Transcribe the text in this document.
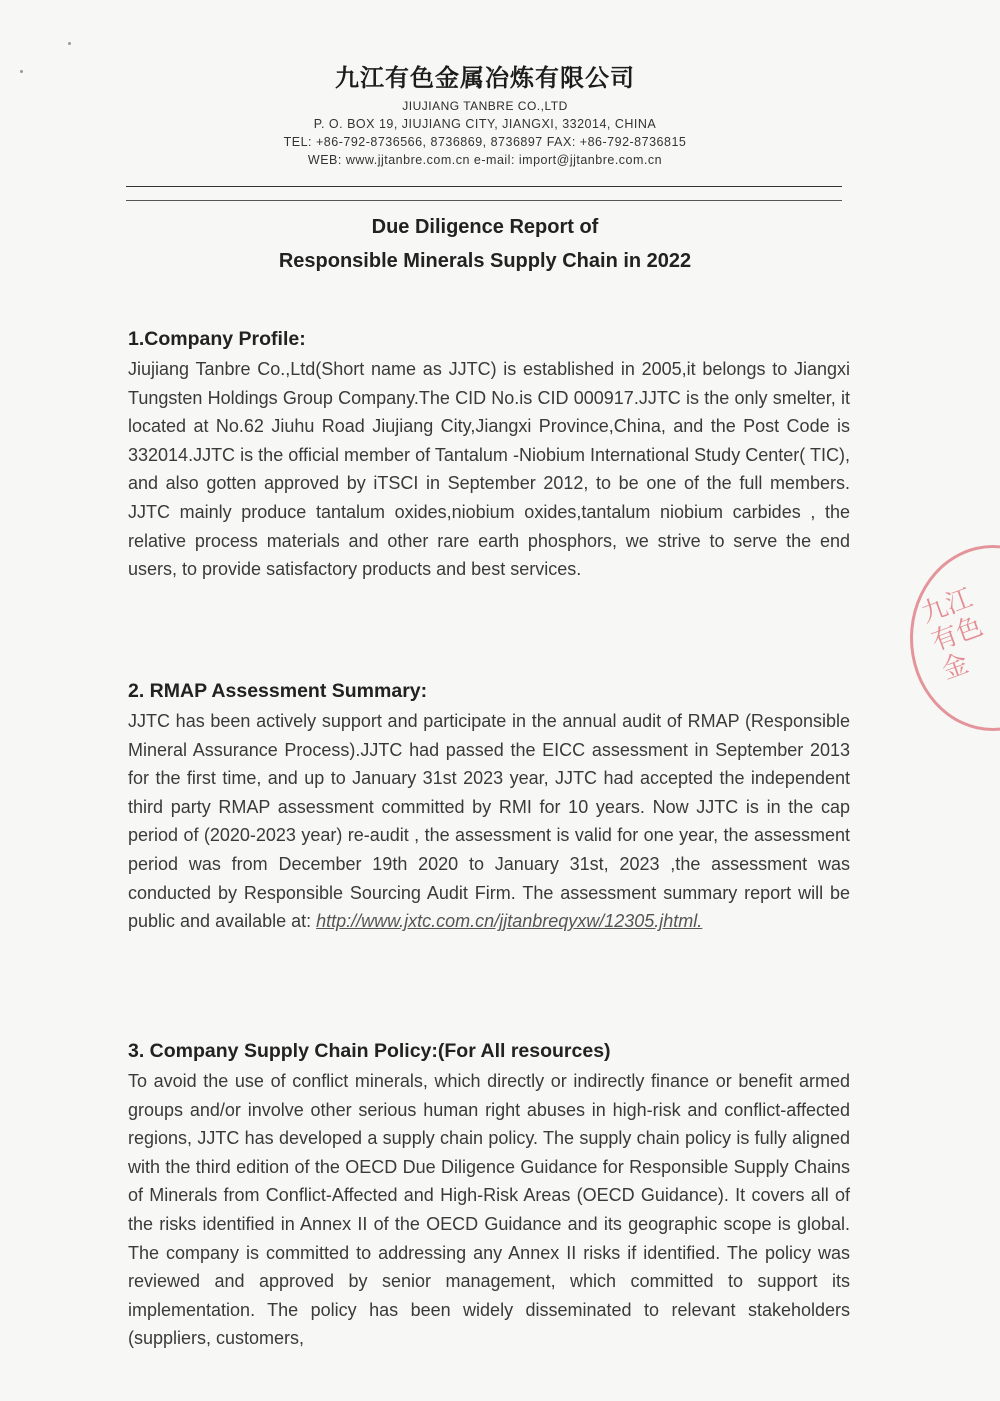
九江有色金属冶炼有限公司
JIUJIANG TANBRE CO.,LTD
P. O. BOX 19, JIUJIANG CITY, JIANGXI, 332014, CHINA
TEL: +86-792-8736566, 8736869, 8736897 FAX: +86-792-8736815
WEB: www.jjtanbre.com.cn e-mail: import@jjtanbre.com.cn
Due Diligence Report of
Responsible Minerals Supply Chain in 2022
1.Company Profile:

Jiujiang Tanbre Co.,Ltd(Short name as JJTC) is established in 2005,it belongs to Jiangxi Tungsten Holdings Group Company.The CID No.is CID 000917.JJTC is the only smelter, it located at No.62 Jiuhu Road Jiujiang City,Jiangxi Province,China, and the Post Code is 332014.JJTC is the official member of Tantalum -Niobium International Study Center( TIC), and also gotten approved by iTSCI in September 2012, to be one of the full members. JJTC mainly produce tantalum oxides,niobium oxides,tantalum niobium carbides , the relative process materials and other rare earth phosphors, we strive to serve the end users, to provide satisfactory products and best services.

2. RMAP Assessment Summary:

JJTC has been actively support and participate in the annual audit of RMAP (Responsible Mineral Assurance Process).JJTC had passed the EICC assessment in September 2013 for the first time, and up to January 31st 2023 year, JJTC had accepted the independent third party RMAP assessment committed by RMI for 10 years. Now JJTC is in the cap period of (2020-2023 year) re-audit , the assessment is valid for one year, the assessment period was from December 19th 2020 to January 31st, 2023 ,the assessment was conducted by Responsible Sourcing Audit Firm. The assessment summary report will be public and available at: http://www.jxtc.com.cn/jjtanbreqyxw/12305.jhtml.

3. Company Supply Chain Policy:(For All resources)

To avoid the use of conflict minerals, which directly or indirectly finance or benefit armed groups and/or involve other serious human right abuses in high-risk and conflict-affected regions, JJTC has developed a supply chain policy. The supply chain policy is fully aligned with the third edition of the OECD Due Diligence Guidance for Responsible Supply Chains of Minerals from Conflict-Affected and High-Risk Areas (OECD Guidance). It covers all of the risks identified in Annex II of the OECD Guidance and its geographic scope is global. The company is committed to addressing any Annex II risks if identified. The policy was reviewed and approved by senior management, which committed to support its implementation. The policy has been widely disseminated to relevant stakeholders (suppliers, customers,

九江有色金
